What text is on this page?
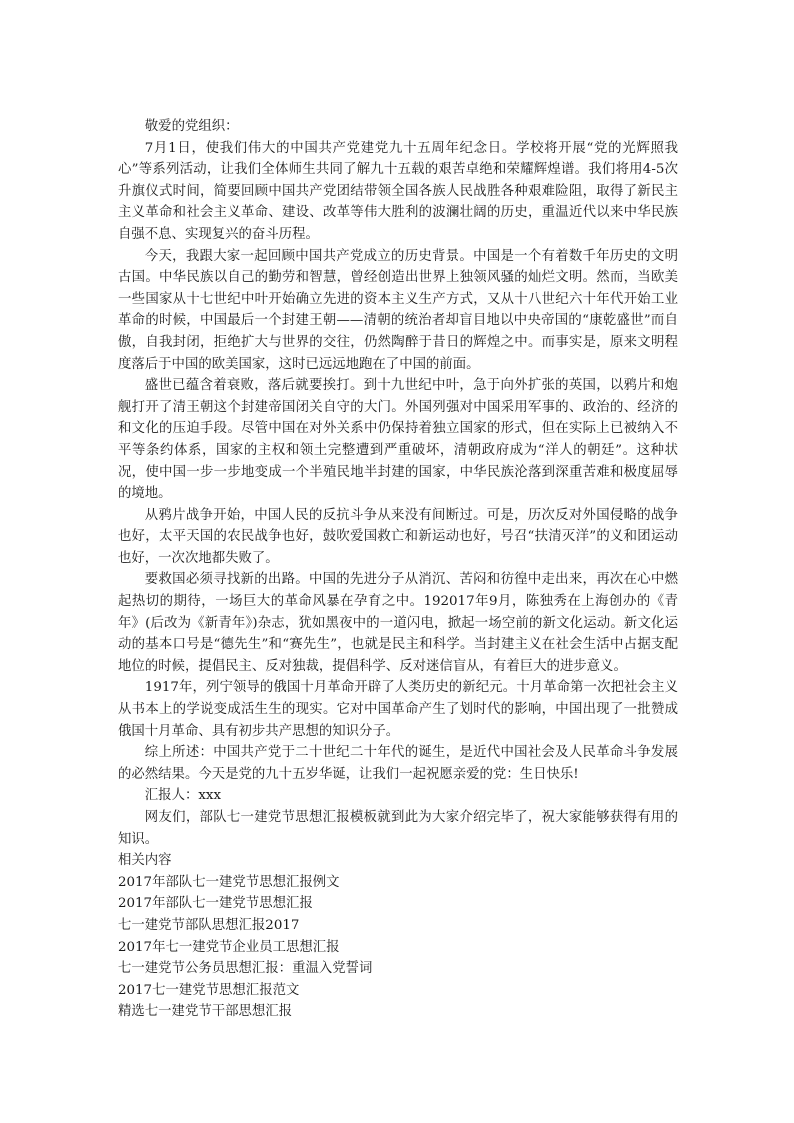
敬爱的党组织：

7月1日，使我们伟大的中国共产党建党九十五周年纪念日。学校将开展“党的光辉照我心”等系列活动，让我们全体师生共同了解九十五载的艰苦卓绝和荣耀辉煌谱。我们将用4-5次升旗仪式时间，简要回顾中国共产党团结带领全国各族人民战胜各种艰难险阻，取得了新民主主义革命和社会主义革命、建设、改革等伟大胜利的波澜壮阔的历史，重温近代以来中华民族自强不息、实现复兴的奋斗历程。

今天，我跟大家一起回顾中国共产党成立的历史背景。中国是一个有着数千年历史的文明古国。中华民族以自己的勤劳和智慧，曾经创造出世界上独领风骚的灿烂文明。然而，当欧美一些国家从十七世纪中叶开始确立先进的资本主义生产方式，又从十八世纪六十年代开始工业革命的时候，中国最后一个封建王朝——清朝的统治者却盲目地以中央帝国的“康乾盛世”而自傲，自我封闭，拒绝扩大与世界的交往，仍然陶醉于昔日的辉煌之中。而事实是，原来文明程度落后于中国的欧美国家，这时已远远地跑在了中国的前面。

盛世已蕴含着衰败，落后就要挨打。到十九世纪中叶，急于向外扩张的英国，以鸦片和炮舰打开了清王朝这个封建帝国闭关自守的大门。外国列强对中国采用军事的、政治的、经济的和文化的压迫手段。尽管中国在对外关系中仍保持着独立国家的形式，但在实际上已被纳入不平等条约体系，国家的主权和领土完整遭到严重破坏，清朝政府成为“洋人的朝廷”。这种状况，使中国一步一步地变成一个半殖民地半封建的国家，中华民族沦落到深重苦难和极度屈辱的境地。

从鸦片战争开始，中国人民的反抗斗争从来没有间断过。可是，历次反对外国侵略的战争也好，太平天国的农民战争也好，鼓吹爱国救亡和新运动也好，号召“扶清灭洋”的义和团运动也好，一次次地都失败了。

要救国必须寻找新的出路。中国的先进分子从消沉、苦闷和彷徨中走出来，再次在心中燃起热切的期待，一场巨大的革命风暴在孕育之中。192017年9月，陈独秀在上海创办的《青年》(后改为《新青年》)杂志，犹如黑夜中的一道闪电，掀起一场空前的新文化运动。新文化运动的基本口号是“德先生”和“赛先生”，也就是民主和科学。当封建主义在社会生活中占据支配地位的时候，提倡民主、反对独裁，提倡科学、反对迷信盲从，有着巨大的进步意义。

1917年，列宁领导的俄国十月革命开辟了人类历史的新纪元。十月革命第一次把社会主义从书本上的学说变成活生生的现实。它对中国革命产生了划时代的影响，中国出现了一批赞成俄国十月革命、具有初步共产思想的知识分子。

综上所述：中国共产党于二十世纪二十年代的诞生，是近代中国社会及人民革命斗争发展的必然结果。今天是党的九十五岁华诞，让我们一起祝愿亲爱的党：生日快乐!

汇报人：xxx

网友们，部队七一建党节思想汇报模板就到此为大家介绍完毕了，祝大家能够获得有用的知识。

相关内容

2017年部队七一建党节思想汇报例文
2017年部队七一建党节思想汇报
七一建党节部队思想汇报2017
2017年七一建党节企业员工思想汇报
七一建党节公务员思想汇报：重温入党誓词
2017七一建党节思想汇报范文
精选七一建党节干部思想汇报
